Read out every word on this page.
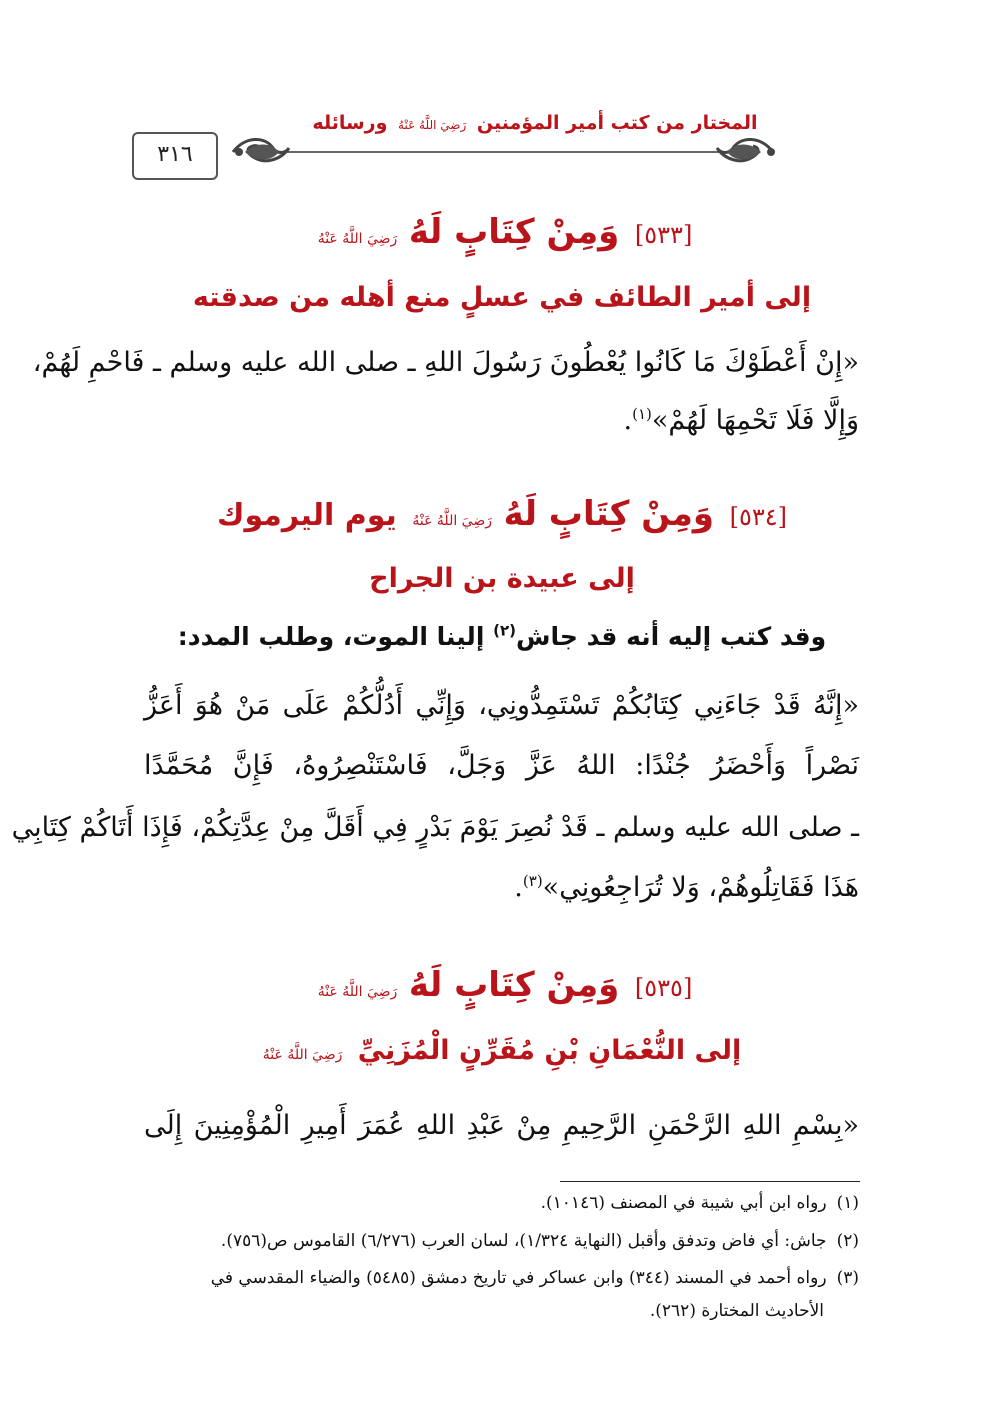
٣١٦
المختار من كتب أمير المؤمنين رَضِيَ اللَّهُ عَنْهُ ورسائله
[٥٣٣] وَمِنْ كِتَابٍ لَهُ رَضِيَ اللَّهُ عَنْهُ
إلى أمير الطائف في عسلٍ منع أهله من صدقته
«إِنْ أَعْطَوْكَ مَا كَانُوا يُعْطُونَ رَسُولَ اللهِ ـ صلى الله عليه وسلم ـ فَاحْمِ لَهُمْ،
وَإِلَّا فَلَا تَحْمِهَا لَهُمْ»$^{(١)}$.
[٥٣٤] وَمِنْ كِتَابٍ لَهُ رَضِيَ اللَّهُ عَنْهُ يوم اليرموك
إلى عبيدة بن الجراح
وقد كتب إليه أنه قد جاش$^{(٢)}$ إلينا الموت، وطلب المدد:
«إِنَّهُ قَدْ جَاءَنِي كِتَابُكُمْ تَسْتَمِدُّونِي، وَإِنِّي أَدُلُّكُمْ عَلَى مَنْ هُوَ أَعَزُّ
نَصْراً وَأَحْضَرُ جُنْدًا: اللهُ عَزَّ وَجَلَّ، فَاسْتَنْصِرُوهُ، فَإِنَّ مُحَمَّدًا
ـ صلى الله عليه وسلم ـ قَدْ نُصِرَ يَوْمَ بَدْرٍ فِي أَقَلَّ مِنْ عِدَّتِكُمْ، فَإِذَا أَتَاكُمْ كِتَابِي
هَذَا فَقَاتِلُوهُمْ، وَلا تُرَاجِعُونِي»$^{(٣)}$.
[٥٣٥] وَمِنْ كِتَابٍ لَهُ رَضِيَ اللَّهُ عَنْهُ
إلى النُّعْمَانِ بْنِ مُقَرِّنٍ الْمُزَنِيِّ رَضِيَ اللَّهُ عَنْهُ
«بِسْمِ اللهِ الرَّحْمَنِ الرَّحِيمِ مِنْ عَبْدِ اللهِ عُمَرَ أَمِيرِ الْمُؤْمِنِينَ إِلَى
(١)رواه ابن أبي شيبة في المصنف (١٠١٤٦).
(٢)جاش: أي فاض وتدفق وأقبل (النهاية ١/٣٢٤)، لسان العرب (٦/٢٧٦) القاموس ص(٧٥٦).
(٣)رواه أحمد في المسند (٣٤٤) وابن عساكر في تاريخ دمشق (٥٤٨٥) والضياء المقدسي في
الأحاديث المختارة (٢٦٢).
